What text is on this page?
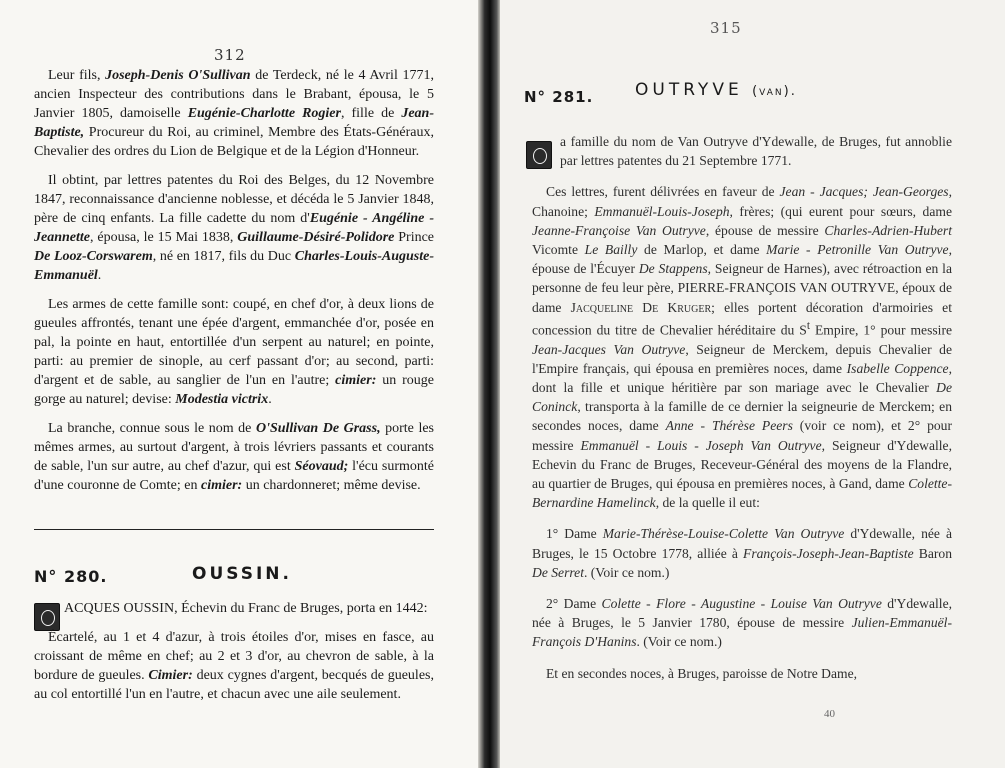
312

Leur fils, Joseph-Denis O'Sullivan de Terdeck, né le 4 Avril 1771, ancien Inspecteur des contributions dans le Brabant, épousa, le 5 Janvier 1805, damoiselle Eugénie-Charlotte Rogier, fille de Jean-Baptiste, Procureur du Roi, au criminel, Membre des États-Généraux, Chevalier des ordres du Lion de Belgique et de la Légion d'Honneur.

Il obtint, par lettres patentes du Roi des Belges, du 12 Novembre 1847, reconnaissance d'ancienne noblesse, et décéda le 5 Janvier 1848, père de cinq enfants. La fille cadette du nom d'Eugénie - Angéline - Jeannette, épousa, le 15 Mai 1838, Guillaume-Désiré-Polidore Prince De Looz-Corswarem, né en 1817, fils du Duc Charles-Louis-Auguste-Emmanuël.

Les armes de cette famille sont: coupé, en chef d'or, à deux lions de gueules affrontés, tenant une épée d'argent, emmanchée d'or, posée en pal, la pointe en haut, entortillée d'un serpent au naturel; en pointe, parti: au premier de sinople, au cerf passant d'or; au second, parti: d'argent et de sable, au sanglier de l'un en l'autre; cimier: un rouge gorge au naturel; devise: Modestia victrix.

La branche, connue sous le nom de O'Sullivan De Grass, porte les mêmes armes, au surtout d'argent, à trois lévriers passants et courants de sable, l'un sur autre, au chef d'azur, qui est Séovaud; l'écu surmonté d'une couronne de Comte; en cimier: un chardonneret; même devise.

N° 280.	OUSSIN.

ACQUES OUSSIN, Échevin du Franc de Bruges, porta en 1442:

Écartelé, au 1 et 4 d'azur, à trois étoiles d'or, mises en fasce, au croissant de même en chef; au 2 et 3 d'or, au chevron de sable, à la bordure de gueules. Cimier: deux cygnes d'argent, becqués de gueules, au col entortillé l'un en l'autre, et chacun avec une aile seulement.

315
N° 281. OUTRYVE (van).

a famille du nom de Van Outryve d'Ydewalle, de Bruges, fut annoblie par lettres patentes du 21 Septembre 1771.

Ces lettres, furent délivrées en faveur de Jean - Jacques; Jean-Georges, Chanoine; Emmanuël-Louis-Joseph, frères; (qui eurent pour sœurs, dame Jeanne-Françoise Van Outryve, épouse de messire Charles-Adrien-Hubert Vicomte Le Bailly de Marlop, et dame Marie - Petronille Van Outryve, épouse de l'Écuyer De Stappens, Seigneur de Harnes), avec rétroaction en la personne de feu leur père, PIERRE-FRANÇOIS VAN OUTRYVE, époux de dame Jacqueline De Kruger; elles portent décoration d'armoiries et concession du titre de Chevalier héréditaire du $S^t$ Empire, 1° pour messire Jean-Jacques Van Outryve, Seigneur de Merckem, depuis Chevalier de l'Empire français, qui épousa en premières noces, dame Isabelle Coppence, dont la fille et unique héritière par son mariage avec le Chevalier De Coninck, transporta à la famille de ce dernier la seigneurie de Merckem; en secondes noces, dame Anne - Thérèse Peers (voir ce nom), et 2° pour messire Emmanuël - Louis - Joseph Van Outryve, Seigneur d'Ydewalle, Echevin du Franc de Bruges, Receveur-Général des moyens de la Flandre, au quartier de Bruges, qui épousa en premières noces, à Gand, dame Colette-Bernardine Hamelinck, de la quelle il eut:

1° Dame Marie-Thérèse-Louise-Colette Van Outryve d'Ydewalle, née à Bruges, le 15 Octobre 1778, alliée à François-Joseph-Jean-Baptiste Baron De Serret. (Voir ce nom.)

2° Dame Colette - Flore - Augustine - Louise Van Outryve d'Ydewalle, née à Bruges, le 5 Janvier 1780, épouse de messire Julien-Emmanuël-François D'Hanins. (Voir ce nom.)

Et en secondes noces, à Bruges, paroisse de Notre Dame,

40
